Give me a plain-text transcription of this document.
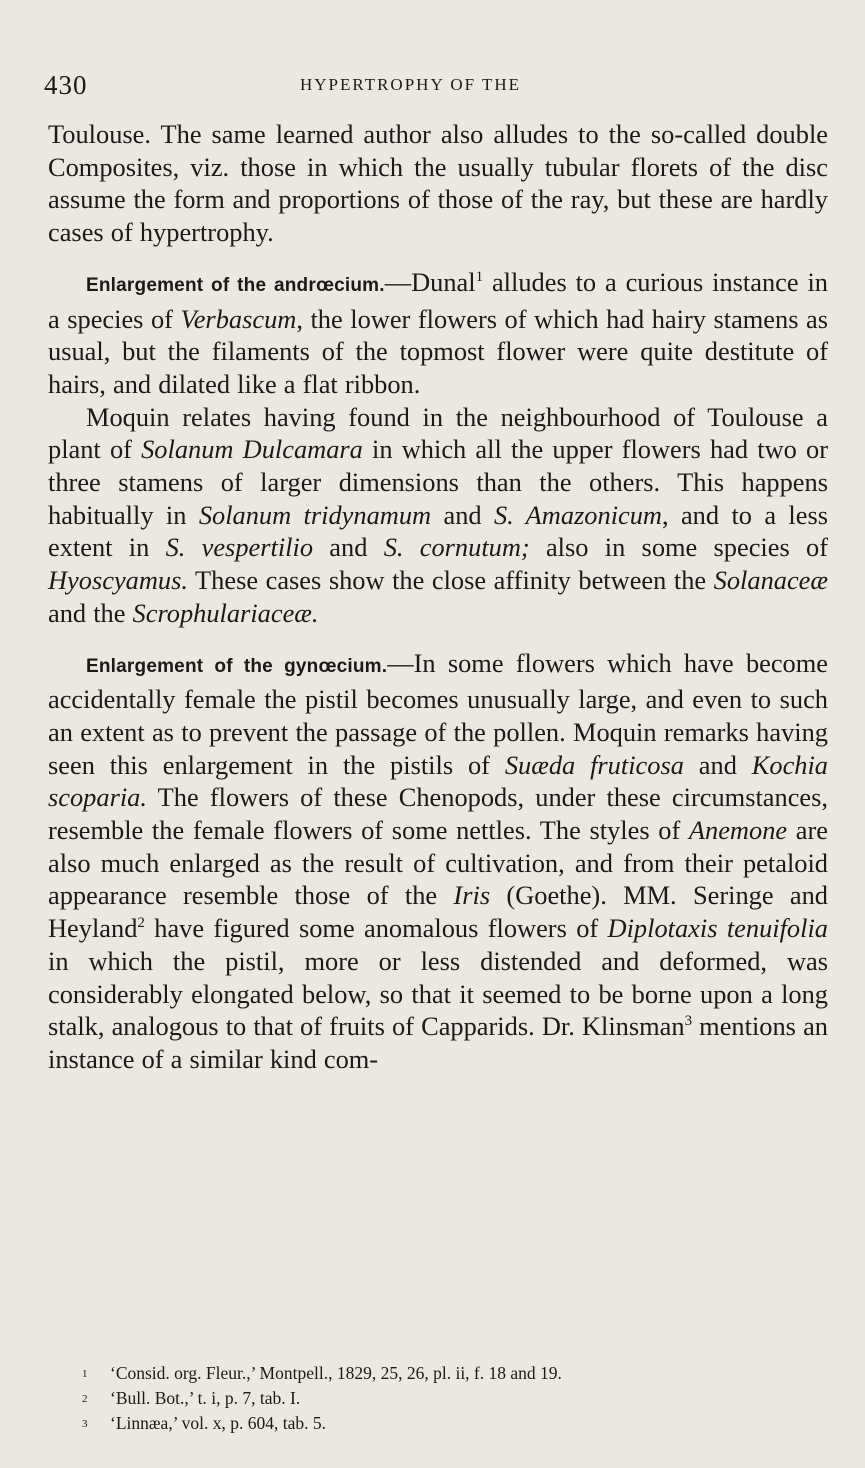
430	HYPERTROPHY OF THE

Toulouse. The same learned author also alludes to the so-called double Composites, viz. those in which the usually tubular florets of the disc assume the form and proportions of those of the ray, but these are hardly cases of hypertrophy.

Enlargement of the andrœcium.—Dunal$^1$ alludes to a curious instance in a species of Verbascum, the lower flowers of which had hairy stamens as usual, but the filaments of the topmost flower were quite destitute of hairs, and dilated like a flat ribbon.

Moquin relates having found in the neighbourhood of Toulouse a plant of Solanum Dulcamara in which all the upper flowers had two or three stamens of larger dimensions than the others. This happens habitually in Solanum tridynamum and S. Amazonicum, and to a less extent in S. vespertilio and S. cornutum; also in some species of Hyoscyamus. These cases show the close affinity between the Solanaceæ and the Scrophulariaceæ.

Enlargement of the gynœcium.—In some flowers which have become accidentally female the pistil becomes unusually large, and even to such an extent as to prevent the passage of the pollen. Moquin remarks having seen this enlargement in the pistils of Suæda fruticosa and Kochia scoparia. The flowers of these Chenopods, under these circumstances, resemble the female flowers of some nettles. The styles of Anemone are also much enlarged as the result of cultivation, and from their petaloid appearance resemble those of the Iris (Goethe). MM. Seringe and Heyland$^2$ have figured some anomalous flowers of Diplotaxis tenuifolia in which the pistil, more or less distended and deformed, was considerably elongated below, so that it seemed to be borne upon a long stalk, analogous to that of fruits of Capparids. Dr. Klinsman$^3$ mentions an instance of a similar kind com-

1 ‘Consid. org. Fleur.,’ Montpell., 1829, 25, 26, pl. ii, f. 18 and 19.
2 ‘Bull. Bot.,’ t. i, p. 7, tab. I.
3 ‘Linnæa,’ vol. x, p. 604, tab. 5.
